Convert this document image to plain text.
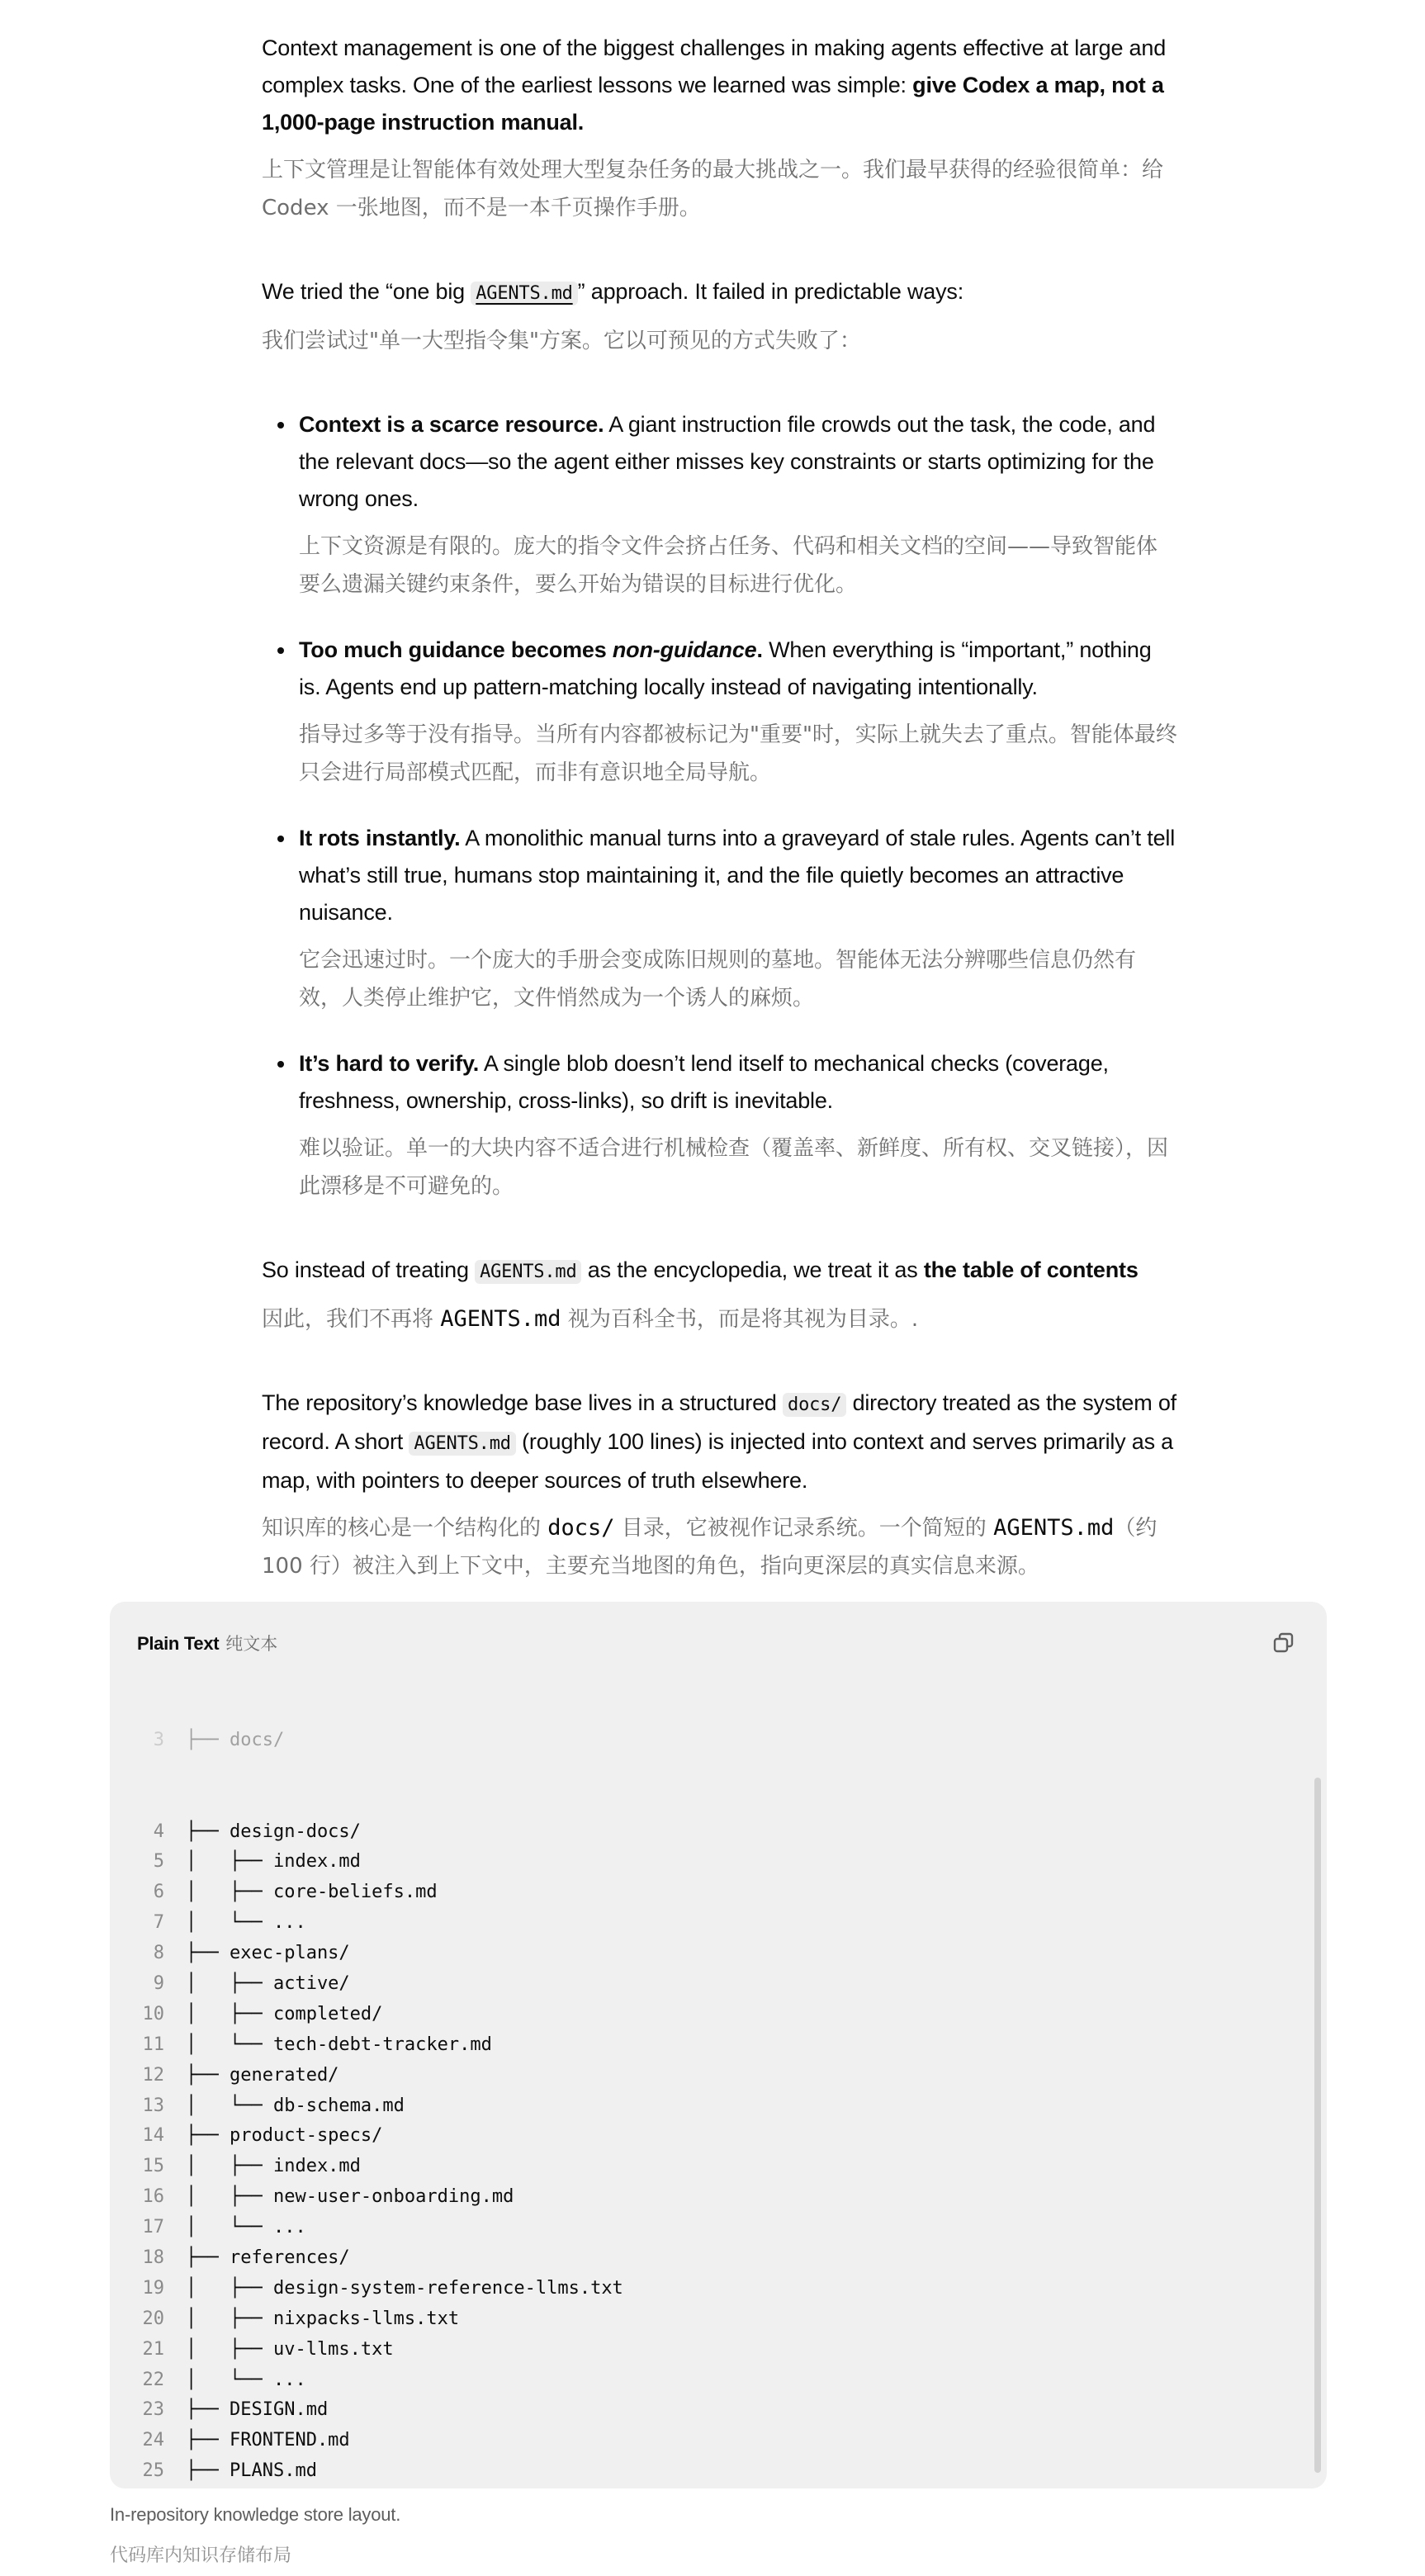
Context management is one of the biggest challenges in making agents effective at large and complex tasks. One of the earliest lessons we learned was simple: give Codex a map, not a 1,000-page instruction manual.

上下文管理是让智能体有效处理大型复杂任务的最大挑战之一。我们最早获得的经验很简单：给 Codex 一张地图，而不是一本千页操作手册。

We tried the “one big AGENTS.md ” approach. It failed in predictable ways:

我们尝试过"单一大型指令集"方案。它以可预见的方式失败了：

Context is a scarce resource. A giant instruction file crowds out the task, the code, and the relevant docs—so the agent either misses key constraints or starts optimizing for the wrong ones.

上下文资源是有限的。庞大的指令文件会挤占任务、代码和相关文档的空间——导致智能体要么遗漏关键约束条件，要么开始为错误的目标进行优化。

Too much guidance becomes non-guidance. When everything is “important,” nothing is. Agents end up pattern-matching locally instead of navigating intentionally.

指导过多等于没有指导。当所有内容都被标记为"重要"时，实际上就失去了重点。智能体最终只会进行局部模式匹配，而非有意识地全局导航。

It rots instantly. A monolithic manual turns into a graveyard of stale rules. Agents can’t tell what’s still true, humans stop maintaining it, and the file quietly becomes an attractive nuisance.

它会迅速过时。一个庞大的手册会变成陈旧规则的墓地。智能体无法分辨哪些信息仍然有效，人类停止维护它，文件悄然成为一个诱人的麻烦。

It’s hard to verify. A single blob doesn’t lend itself to mechanical checks (coverage, freshness, ownership, cross-links), so drift is inevitable.

难以验证。单一的大块内容不适合进行机械检查（覆盖率、新鲜度、所有权、交叉链接），因此漂移是不可避免的。

So instead of treating AGENTS.md as the encyclopedia, we treat it as the table of contents

因此，我们不再将 AGENTS.md 视为百科全书，而是将其视为目录。.

The repository’s knowledge base lives in a structured docs/ directory treated as the system of record. A short AGENTS.md (roughly 100 lines) is injected into context and serves primarily as a map, with pointers to deeper sources of truth elsewhere.

知识库的核心是一个结构化的 docs/ 目录，它被视作记录系统。一个简短的 AGENTS.md（约 100 行）被注入到上下文中，主要充当地图的角色，指向更深层的真实信息来源。

Plain Text 纯文本

3	├── docs/

4	├── design-docs/
5	│   ├── index.md
6	│   ├── core-beliefs.md
7	│   └── ...
8	├── exec-plans/
9	│   ├── active/
10	│   ├── completed/
11	│   └── tech-debt-tracker.md
12	├── generated/
13	│   └── db-schema.md
14	├── product-specs/
15	│   ├── index.md
16	│   ├── new-user-onboarding.md
17	│   └── ...
18	├── references/
19	│   ├── design-system-reference-llms.txt
20	│   ├── nixpacks-llms.txt
21	│   ├── uv-llms.txt
22	│   └── ...
23	├── DESIGN.md
24	├── FRONTEND.md
25	├── PLANS.md

In-repository knowledge store layout.

代码库内知识存储布局
